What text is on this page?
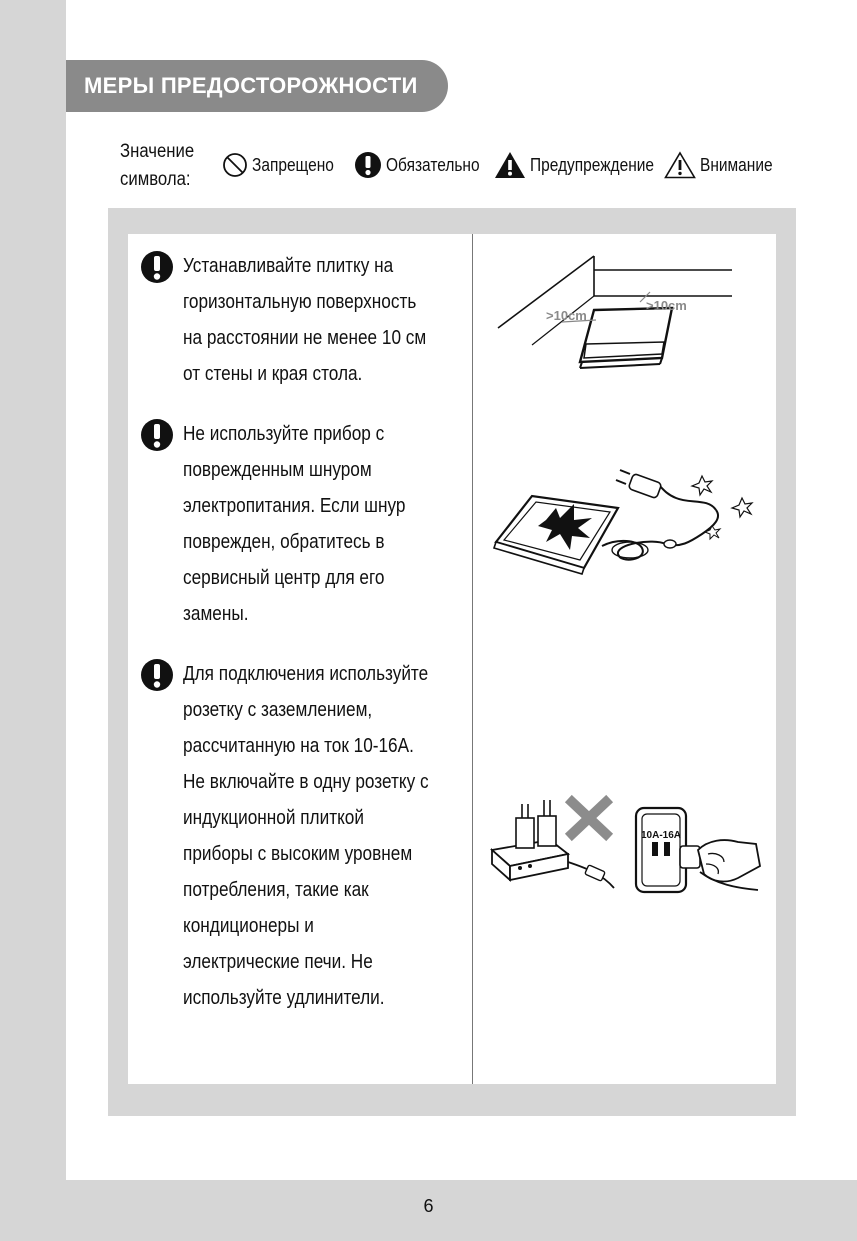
6
МЕРЫ ПРЕДОСТОРОЖНОСТИ
Значение
символа:
Запрещено	Обязательно	Предупреждение	Внимание
Устанавливайте плитку на
горизонтальную поверхность
на расстоянии не менее 10 см
от стены и края стола.
Не используйте прибор с
поврежденным шнуром
электропитания. Если шнур
поврежден, обратитесь в
сервисный центр для его
замены.
Для подключения используйте
розетку с заземлением,
рассчитанную на ток 10-16А.
Не включайте в одну розетку с
индукционной плиткой
приборы с высоким уровнем
потребления, такие как
кондиционеры и
электрические печи. Не
используйте удлинители.
>10cm
>10cm
10A-16A
